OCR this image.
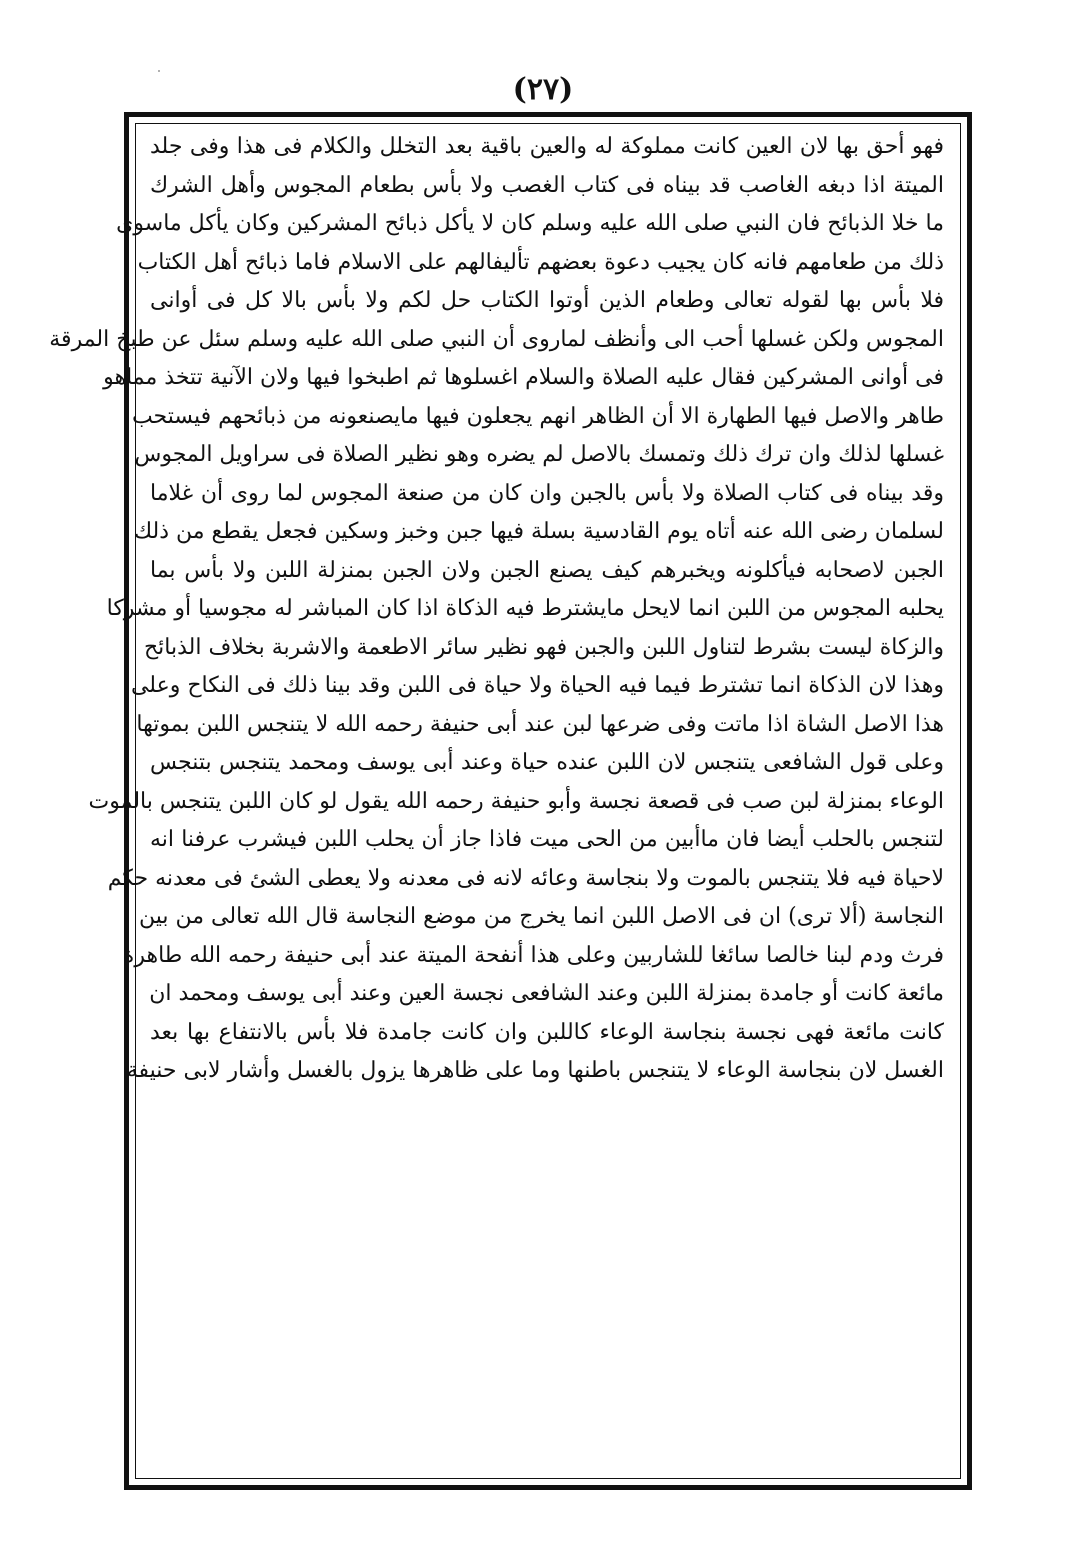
(٢٧)
فهو أحق بها لان العين كانت مملوكة له والعين باقية بعد التخلل والكلام فى هذا وفى جلد
الميتة اذا دبغه الغاصب قد بيناه فى كتاب الغصب ولا بأس بطعام المجوس وأهل الشرك
ما خلا الذبائح فان النبي صلى الله عليه وسلم كان لا يأكل ذبائح المشركين وكان يأكل ماسوى
ذلك من طعامهم فانه كان يجيب دعوة بعضهم تأليفالهم على الاسلام فاما ذبائح أهل الكتاب
فلا بأس بها لقوله تعالى وطعام الذين أوتوا الكتاب حل لكم ولا بأس بالا كل فى أوانى
المجوس ولكن غسلها أحب الى وأنظف لماروى أن النبي صلى الله عليه وسلم سئل عن طبخ المرقة
فى أوانى المشركين فقال عليه الصلاة والسلام اغسلوها ثم اطبخوا فيها ولان الآنية تتخذ مماهو
طاهر والاصل فيها الطهارة الا أن الظاهر انهم يجعلون فيها مايصنعونه من ذبائحهم فيستحب
غسلها لذلك وان ترك ذلك وتمسك بالاصل لم يضره وهو نظير الصلاة فى سراويل المجوس
وقد بيناه فى كتاب الصلاة ولا بأس بالجبن وان كان من صنعة المجوس لما روى أن غلاما
لسلمان رضى الله عنه أتاه يوم القادسية بسلة فيها جبن وخبز وسكين فجعل يقطع من ذلك
الجبن لاصحابه فيأكلونه ويخبرهم كيف يصنع الجبن ولان الجبن بمنزلة اللبن ولا بأس بما
يحلبه المجوس من اللبن انما لايحل مايشترط فيه الذكاة اذا كان المباشر له مجوسيا أو مشركا
والزكاة ليست بشرط لتناول اللبن والجبن فهو نظير سائر الاطعمة والاشربة بخلاف الذبائح
وهذا لان الذكاة انما تشترط فيما فيه الحياة ولا حياة فى اللبن وقد بينا ذلك فى النكاح وعلى
هذا الاصل الشاة اذا ماتت وفى ضرعها لبن عند أبى حنيفة رحمه الله لا يتنجس اللبن بموتها
وعلى قول الشافعى يتنجس لان اللبن عنده حياة وعند أبى يوسف ومحمد يتنجس بتنجس
الوعاء بمنزلة لبن صب فى قصعة نجسة وأبو حنيفة رحمه الله يقول لو كان اللبن يتنجس بالموت
لتنجس بالحلب أيضا فان ماأبين من الحى ميت فاذا جاز أن يحلب اللبن فيشرب عرفنا انه
لاحياة فيه فلا يتنجس بالموت ولا بنجاسة وعائه لانه فى معدنه ولا يعطى الشئ فى معدنه حكم
النجاسة (ألا ترى) ان فى الاصل اللبن انما يخرج من موضع النجاسة قال الله تعالى من بين
فرث ودم لبنا خالصا سائغا للشاربين وعلى هذا أنفحة الميتة عند أبى حنيفة رحمه الله طاهرة
مائعة كانت أو جامدة بمنزلة اللبن وعند الشافعى نجسة العين وعند أبى يوسف ومحمد ان
كانت مائعة فهى نجسة بنجاسة الوعاء كاللبن وان كانت جامدة فلا بأس بالانتفاع بها بعد
الغسل لان بنجاسة الوعاء لا يتنجس باطنها وما على ظاهرها يزول بالغسل وأشار لابى حنيفة
